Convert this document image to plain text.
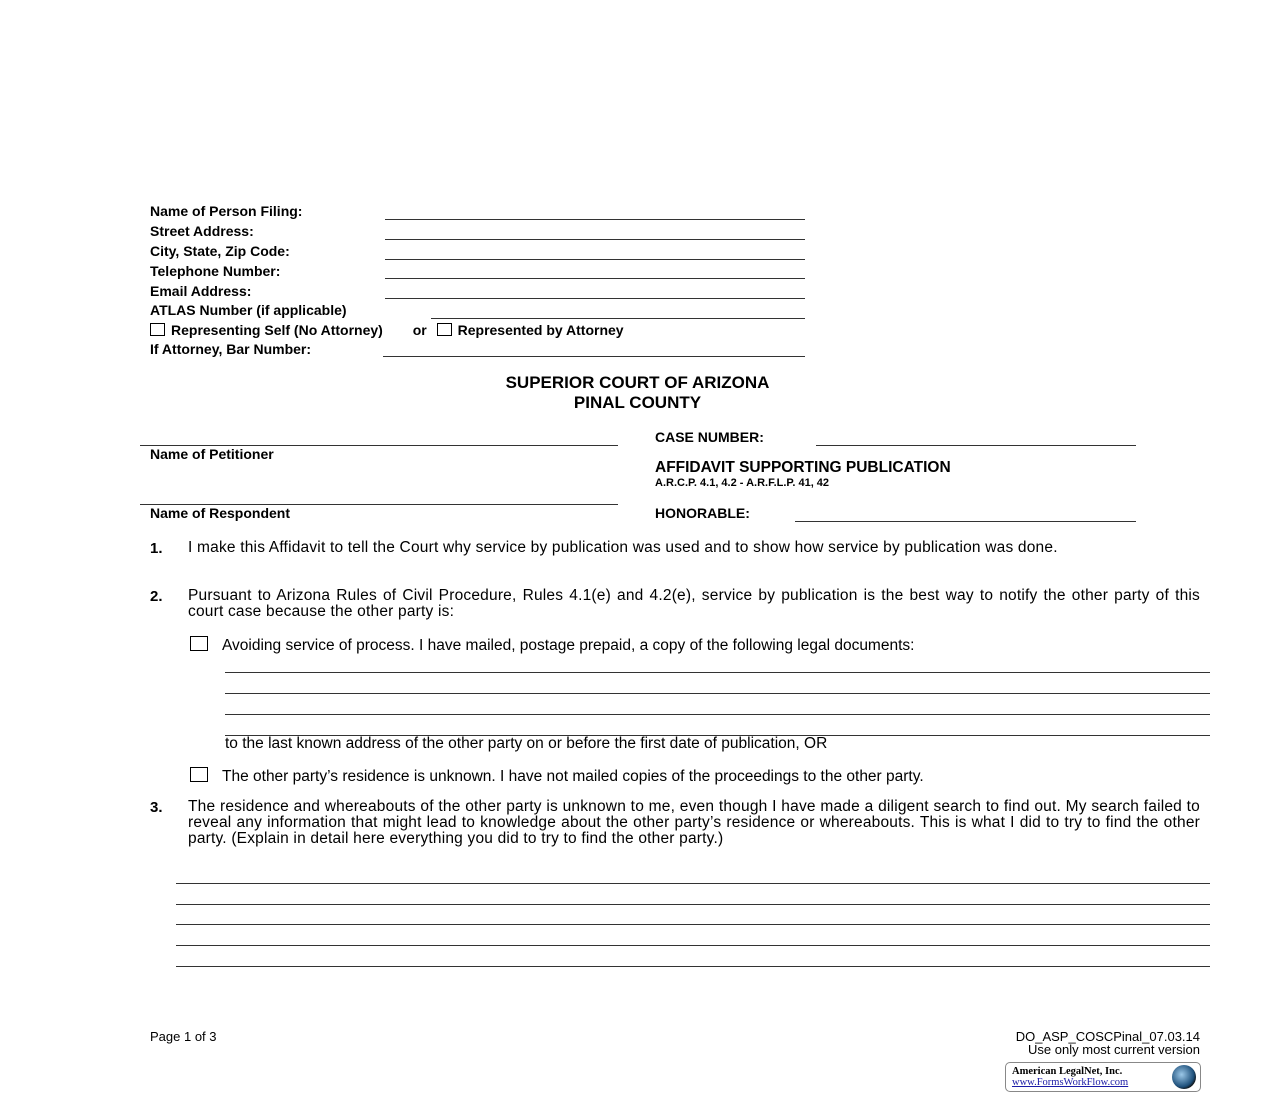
Name of Person Filing:
Street Address:
City, State, Zip Code:
Telephone Number:
Email Address:
ATLAS Number (if applicable)
Representing Self (No Attorney) or Represented by Attorney
If Attorney, Bar Number:
SUPERIOR COURT OF ARIZONA
PINAL COUNTY
Name of Petitioner
Name of Respondent
CASE NUMBER:
AFFIDAVIT SUPPORTING PUBLICATION
A.R.C.P. 4.1, 4.2 - A.R.F.L.P. 41, 42
HONORABLE:
1. I make this Affidavit to tell the Court why service by publication was used and to show how service by publication was done.
2. Pursuant to Arizona Rules of Civil Procedure, Rules 4.1(e) and 4.2(e), service by publication is the best way to notify the other party of this court case because the other party is:
Avoiding service of process. I have mailed, postage prepaid, a copy of the following legal documents:
to the last known address of the other party on or before the first date of publication, OR
The other party’s residence is unknown. I have not mailed copies of the proceedings to the other party.
3. The residence and whereabouts of the other party is unknown to me, even though I have made a diligent search to find out. My search failed to reveal any information that might lead to knowledge about the other party’s residence or whereabouts. This is what I did to try to find the other party. (Explain in detail here everything you did to try to find the other party.)
Page 1 of 3	DO_ASP_COSCPinal_07.03.14
Use only most current version
American LegalNet, Inc.
www.FormsWorkFlow.com
